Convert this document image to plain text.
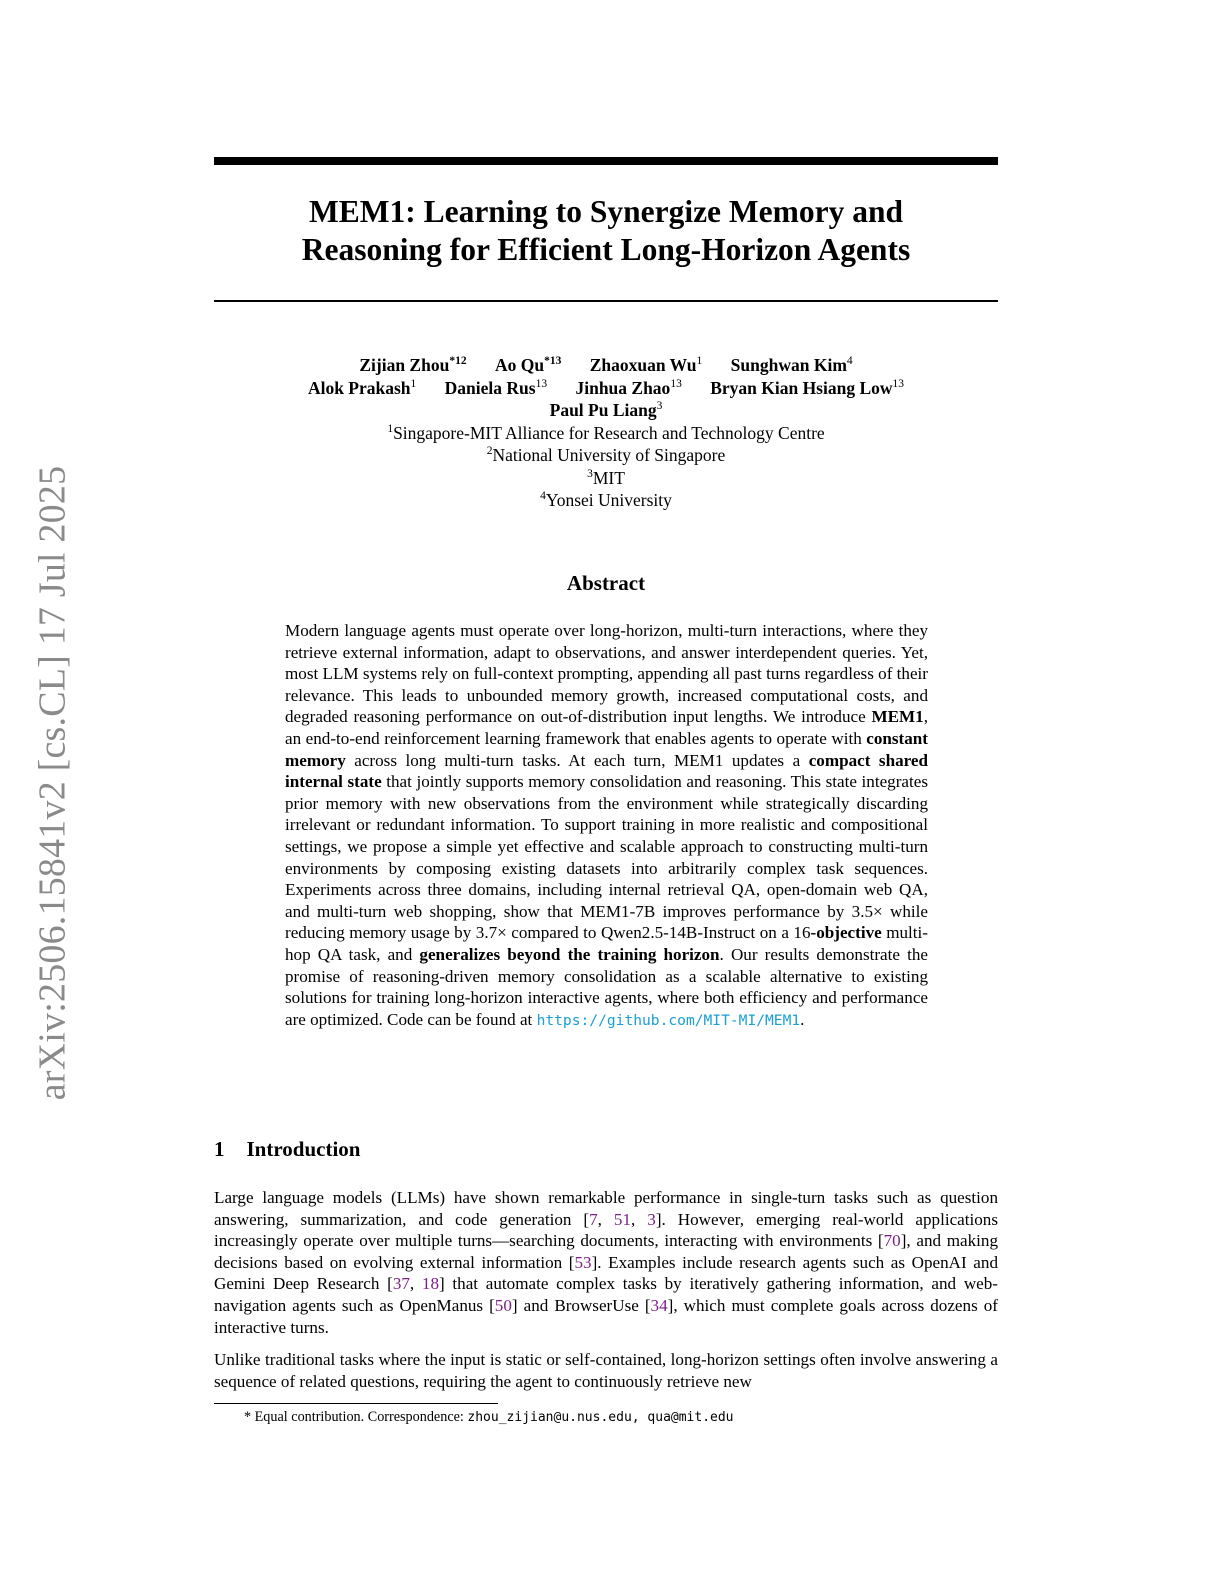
arXiv:2506.15841v2 [cs.CL] 17 Jul 2025
MEM1: Learning to Synergize Memory and
Reasoning for Efficient Long-Horizon Agents
Zijian Zhou$^{*12}$ Ao Qu$^{*13}$ Zhaoxuan Wu$^1$ Sunghwan Kim$^4$
Alok Prakash$^1$ Daniela Rus$^{13}$ Jinhua Zhao$^{13}$ Bryan Kian Hsiang Low$^{13}$
Paul Pu Liang$^3$
$^1$Singapore-MIT Alliance for Research and Technology Centre
$^2$National University of Singapore
$^3$MIT
$^4$Yonsei University
Abstract

Modern language agents must operate over long-horizon, multi-turn interactions, where they retrieve external information, adapt to observations, and answer interdependent queries. Yet, most LLM systems rely on full-context prompting, appending all past turns regardless of their relevance. This leads to unbounded memory growth, increased computational costs, and degraded reasoning performance on out-of-distribution input lengths. We introduce MEM1, an end-to-end reinforcement learning framework that enables agents to operate with constant memory across long multi-turn tasks. At each turn, MEM1 updates a compact shared internal state that jointly supports memory consolidation and reasoning. This state integrates prior memory with new observations from the environment while strategically discarding irrelevant or redundant information. To support training in more realistic and compositional settings, we propose a simple yet effective and scalable approach to constructing multi-turn environments by composing existing datasets into arbitrarily complex task sequences. Experiments across three domains, including internal retrieval QA, open-domain web QA, and multi-turn web shopping, show that MEM1-7B improves performance by 3.5× while reducing memory usage by 3.7× compared to Qwen2.5-14B-Instruct on a 16-objective multi-hop QA task, and generalizes beyond the training horizon. Our results demonstrate the promise of reasoning-driven memory consolidation as a scalable alternative to existing solutions for training long-horizon interactive agents, where both efficiency and performance are optimized. Code can be found at https://github.com/MIT-MI/MEM1.

1 Introduction

Large language models (LLMs) have shown remarkable performance in single-turn tasks such as question answering, summarization, and code generation [7, 51, 3]. However, emerging real-world applications increasingly operate over multiple turns—searching documents, interacting with environments [70], and making decisions based on evolving external information [53]. Examples include research agents such as OpenAI and Gemini Deep Research [37, 18] that automate complex tasks by iteratively gathering information, and web-navigation agents such as OpenManus [50] and BrowserUse [34], which must complete goals across dozens of interactive turns.

Unlike traditional tasks where the input is static or self-contained, long-horizon settings often involve answering a sequence of related questions, requiring the agent to continuously retrieve new

* Equal contribution. Correspondence: zhou_zijian@u.nus.edu, qua@mit.edu
